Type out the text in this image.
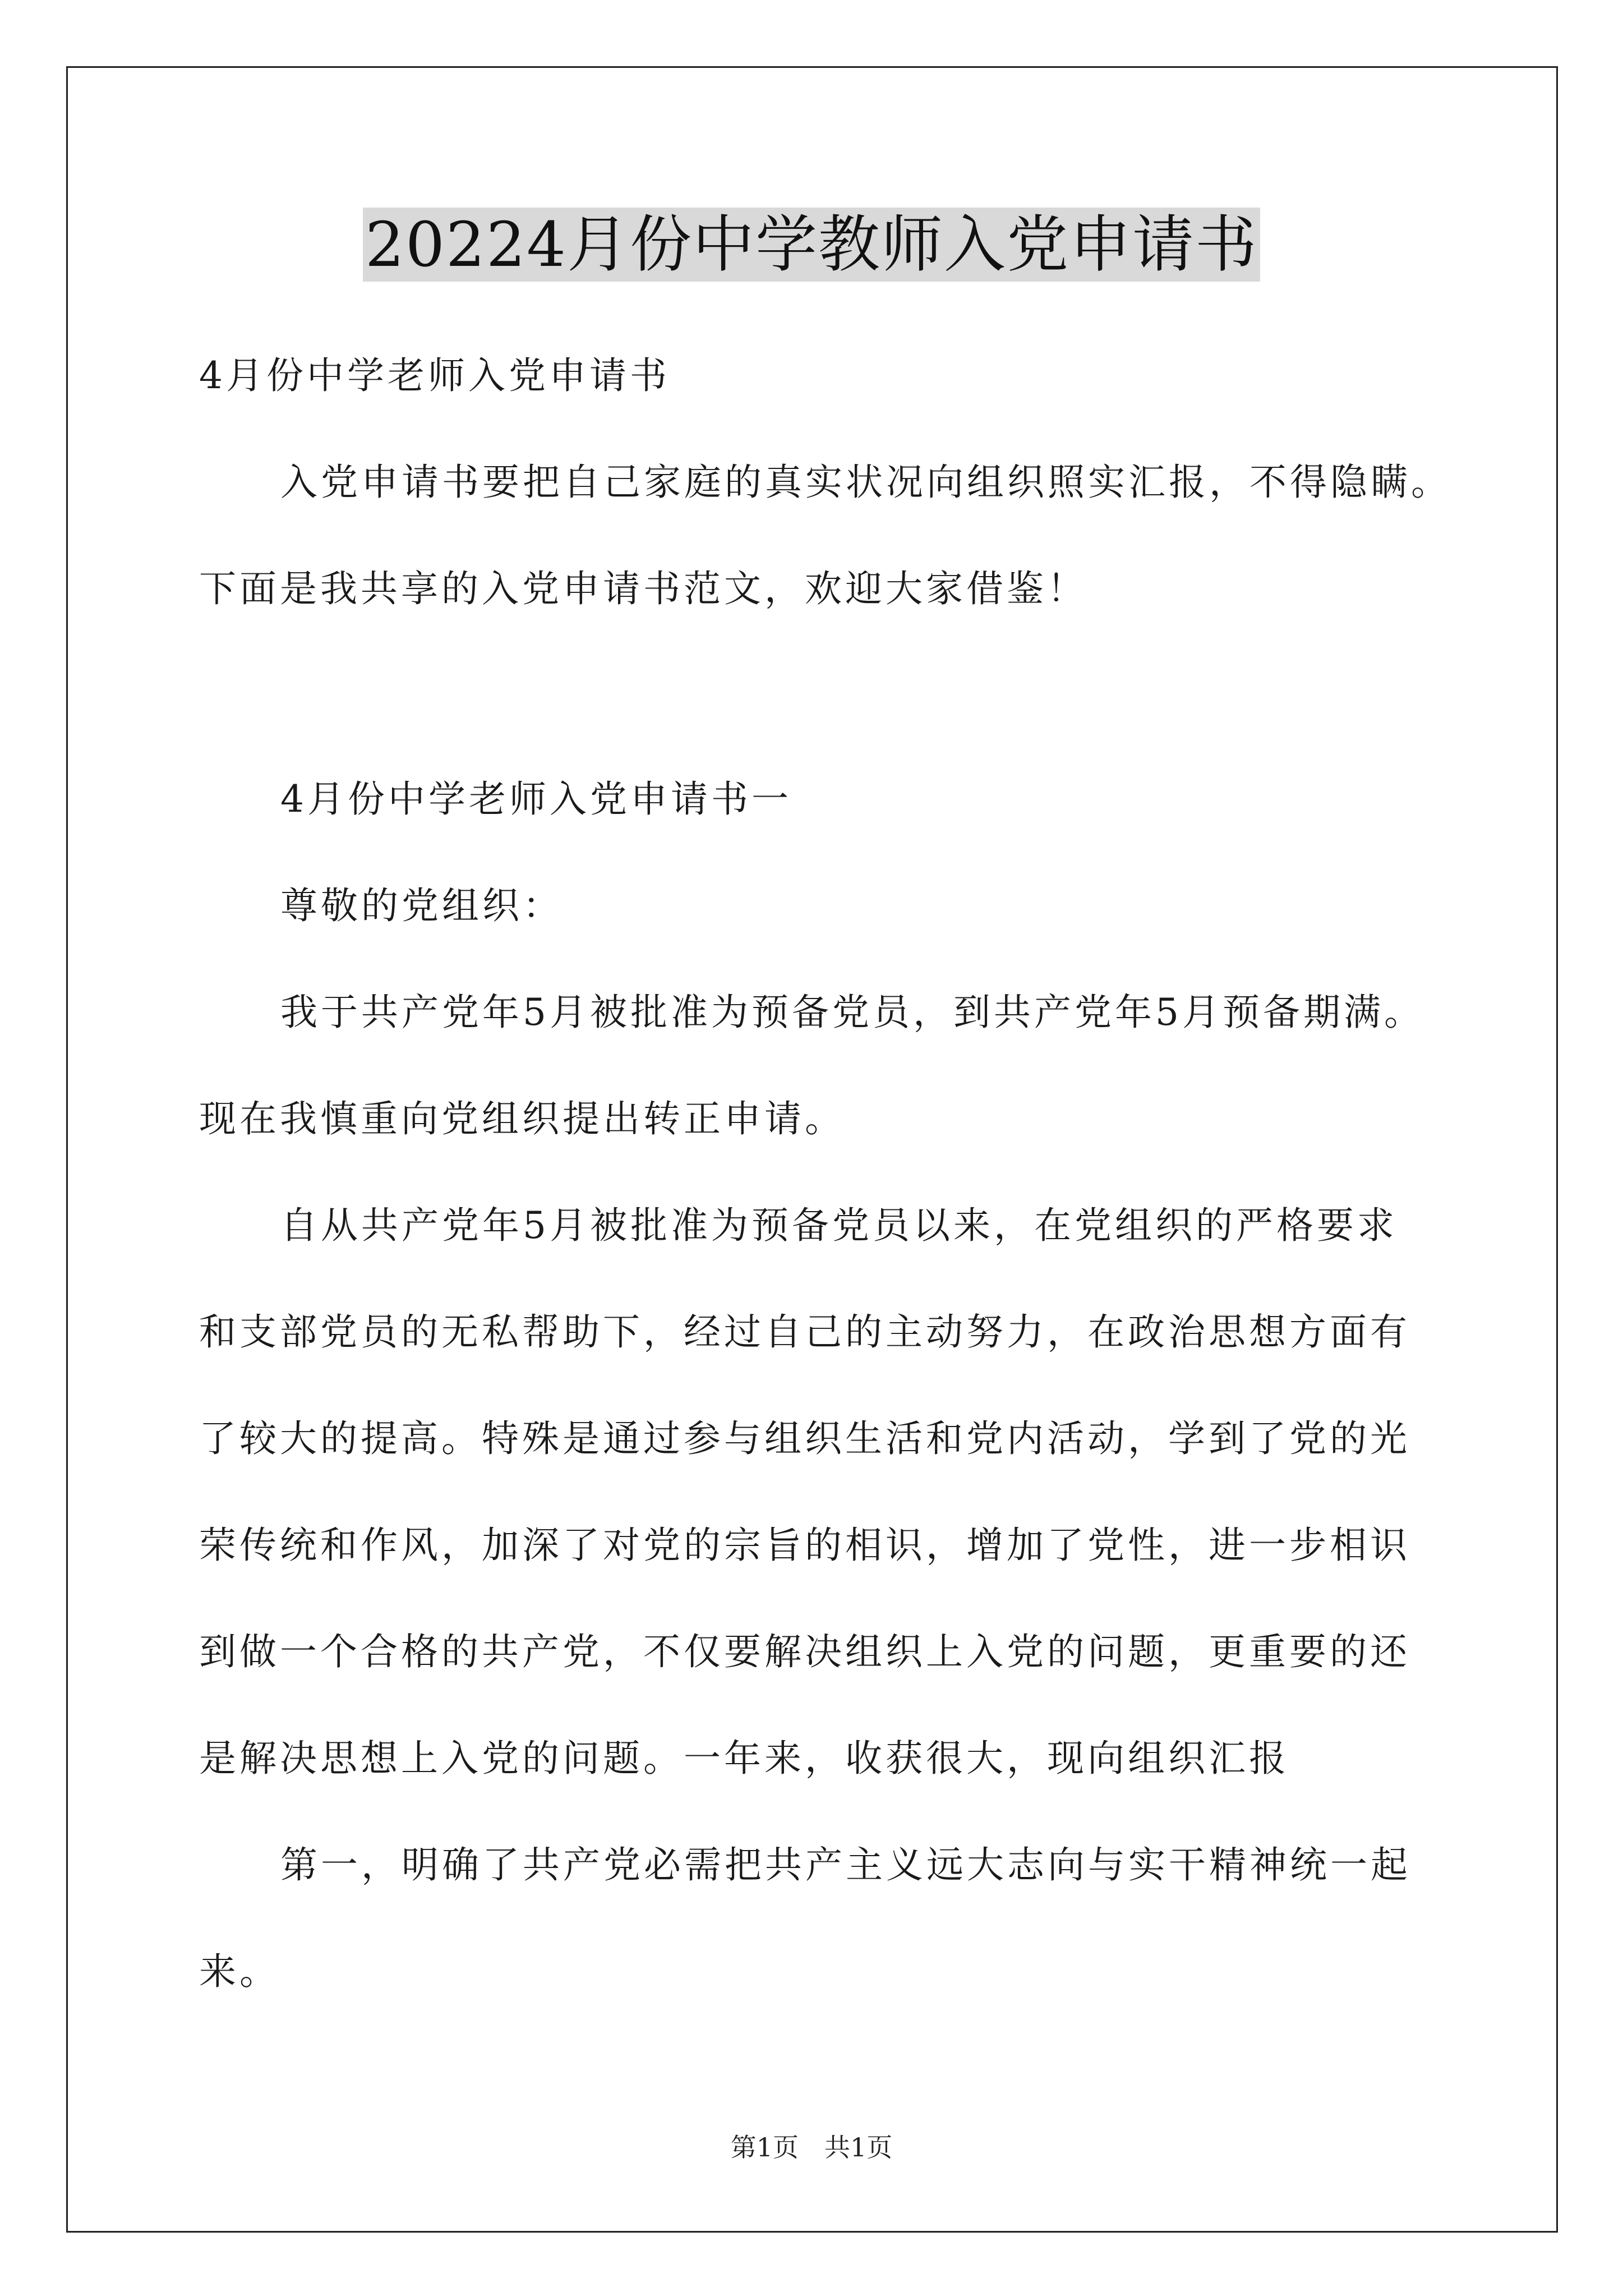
20224月份中学教师入党申请书
4月份中学老师入党申请书
入党申请书要把自己家庭的真实状况向组织照实汇报，不得隐瞒。
下面是我共享的入党申请书范文，欢迎大家借鉴！
4月份中学老师入党申请书一
尊敬的党组织：
我于共产党年5月被批准为预备党员，到共产党年5月预备期满。
现在我慎重向党组织提出转正申请。
自从共产党年5月被批准为预备党员以来，在党组织的严格要求
和支部党员的无私帮助下，经过自己的主动努力，在政治思想方面有
了较大的提高。特殊是通过参与组织生活和党内活动，学到了党的光
荣传统和作风，加深了对党的宗旨的相识，增加了党性，进一步相识
到做一个合格的共产党，不仅要解决组织上入党的问题，更重要的还
是解决思想上入党的问题。一年来，收获很大，现向组织汇报
第一，明确了共产党必需把共产主义远大志向与实干精神统一起
来。
第1页　共1页
